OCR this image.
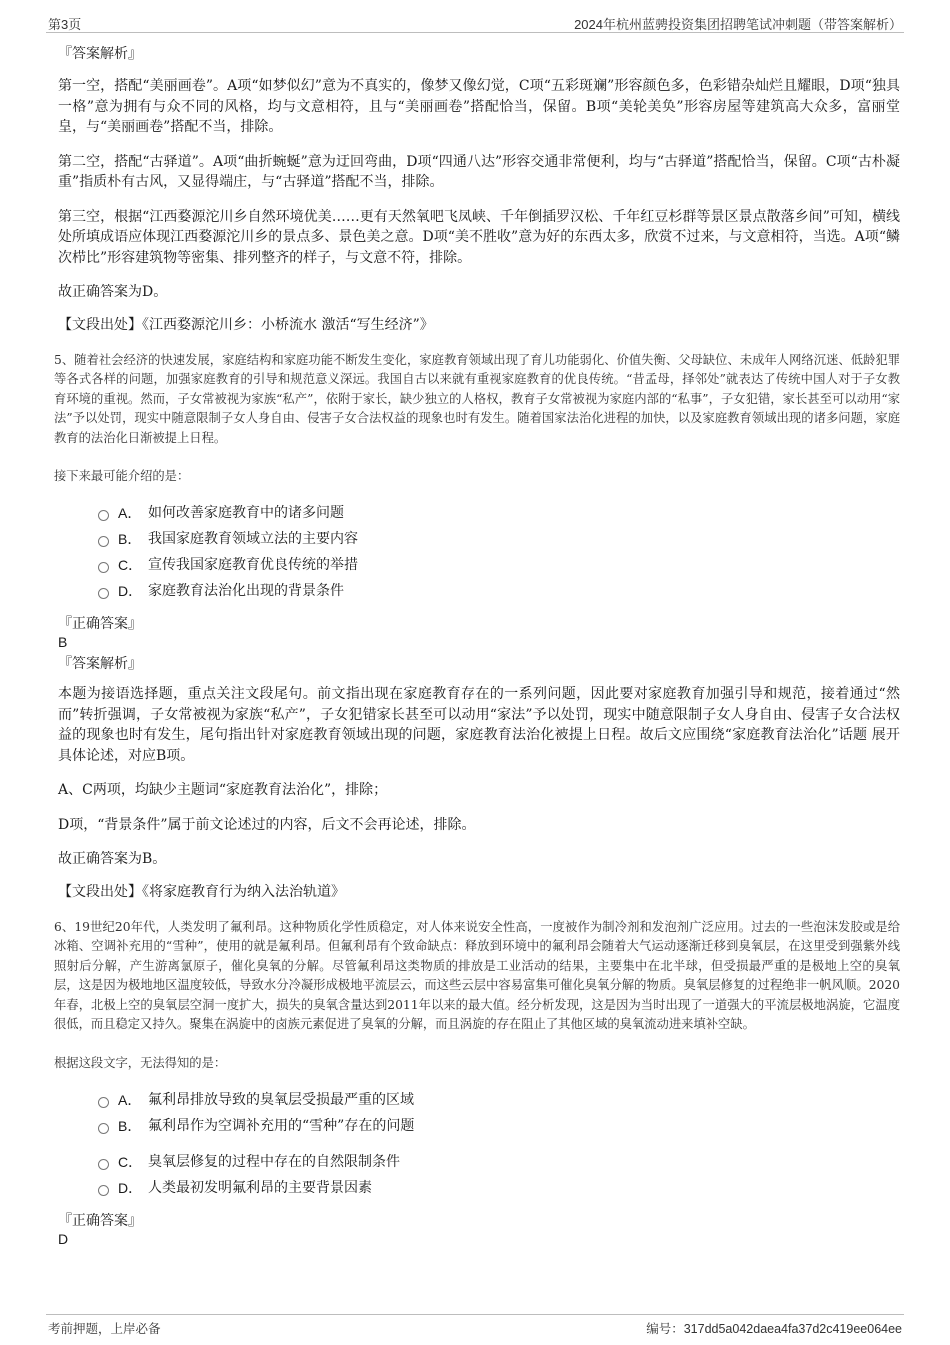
第3页	2024年杭州蓝骋投资集团招聘笔试冲刺题（带答案解析）

『答案解析』

第一空，搭配“美丽画卷”。A项“如梦似幻”意为不真实的，像梦又像幻觉，C项“五彩斑斓”形容颜色多，色彩错杂灿烂且耀眼，D项“独具一格”意为拥有与众不同的风格，均与文意相符，且与“美丽画卷”搭配恰当，保留。B项“美轮美奂”形容房屋等建筑高大众多，富丽堂皇，与“美丽画卷”搭配不当，排除。

第二空，搭配“古驿道”。A项“曲折蜿蜒”意为迂回弯曲，D项“四通八达”形容交通非常便利，均与“古驿道”搭配恰当，保留。C项“古朴凝重”指质朴有古风，又显得端庄，与“古驿道”搭配不当，排除。

第三空，根据“江西婺源沱川乡自然环境优美……更有天然氧吧飞凤峡、千年倒插罗汉松、千年红豆杉群等景区景点散落乡间”可知，横线处所填成语应体现江西婺源沱川乡的景点多、景色美之意。D项“美不胜收”意为好的东西太多，欣赏不过来，与文意相符，当选。A项“鳞次栉比”形容建筑物等密集、排列整齐的样子，与文意不符，排除。

故正确答案为D。

【文段出处】《江西婺源沱川乡：小桥流水 激活“写生经济”》

5、随着社会经济的快速发展，家庭结构和家庭功能不断发生变化，家庭教育领域出现了育儿功能弱化、价值失衡、父母缺位、未成年人网络沉迷、低龄犯罪等各式各样的问题，加强家庭教育的引导和规范意义深远。我国自古以来就有重视家庭教育的优良传统。“昔孟母，择邻处”就表达了传统中国人对于子女教育环境的重视。然而，子女常被视为家族“私产”，依附于家长，缺少独立的人格权，教育子女常被视为家庭内部的“私事”，子女犯错，家长甚至可以动用“家法”予以处罚，现实中随意限制子女人身自由、侵害子女合法权益的现象也时有发生。随着国家法治化进程的加快，以及家庭教育领域出现的诸多问题，家庭教育的法治化日渐被提上日程。

接下来最可能介绍的是：

A． 如何改善家庭教育中的诸多问题
B． 我国家庭教育领域立法的主要内容
C． 宣传我国家庭教育优良传统的举措
D． 家庭教育法治化出现的背景条件

『正确答案』

B

『答案解析』

本题为接语选择题，重点关注文段尾句。前文指出现在家庭教育存在的一系列问题，因此要对家庭教育加强引导和规范，接着通过“然而”转折强调，子女常被视为家族“私产”，子女犯错家长甚至可以动用“家法”予以处罚，现实中随意限制子女人身自由、侵害子女合法权益的现象也时有发生，尾句指出针对家庭教育领域出现的问题，家庭教育法治化被提上日程。故后文应围绕“家庭教育法治化”话题 展开 具体论述，对应B项。

A、C两项，均缺少主题词“家庭教育法治化”，排除；

D项，“背景条件”属于前文论述过的内容，后文不会再论述，排除。

故正确答案为B。

【文段出处】《将家庭教育行为纳入法治轨道》

6、19世纪20年代，人类发明了氟利昂。这种物质化学性质稳定，对人体来说安全性高，一度被作为制冷剂和发泡剂广泛应用。过去的一些泡沫发胶或是给冰箱、空调补充用的“雪种”，使用的就是氟利昂。但氟利昂有个致命缺点：释放到环境中的氟利昂会随着大气运动逐渐迁移到臭氧层，在这里受到强紫外线照射后分解，产生游离氯原子，催化臭氧的分解。尽管氟利昂这类物质的排放是工业活动的结果，主要集中在北半球，但受损最严重的是极地上空的臭氧层，这是因为极地地区温度较低，导致水分冷凝形成极地平流层云，而这些云层中容易富集可催化臭氧分解的物质。臭氧层修复的过程绝非一帆风顺。2020年春，北极上空的臭氧层空洞一度扩大，损失的臭氧含量达到2011年以来的最大值。经分析发现，这是因为当时出现了一道强大的平流层极地涡旋，它温度很低，而且稳定又持久。聚集在涡旋中的卤族元素促进了臭氧的分解，而且涡旋的存在阻止了其他区域的臭氧流动进来填补空缺。

根据这段文字，无法得知的是：

A． 氟利昂排放导致的臭氧层受损最严重的区域
B． 氟利昂作为空调补充用的“雪种”存在的问题
C． 臭氧层修复的过程中存在的自然限制条件
D． 人类最初发明氟利昂的主要背景因素

『正确答案』

D

考前押题，上岸必备	编号：317dd5a042daea4fa37d2c419ee064ee
